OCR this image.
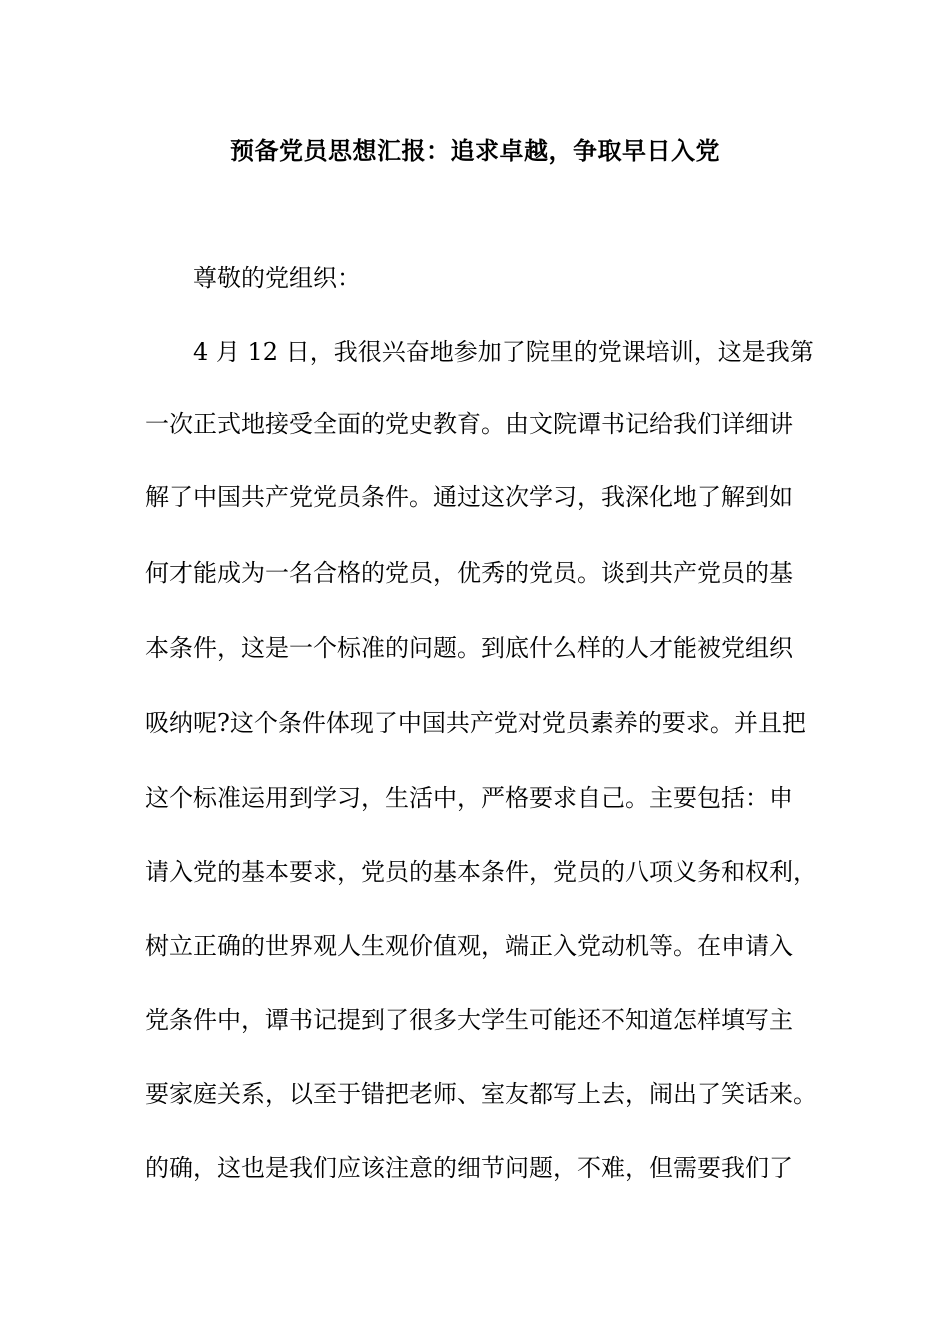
预备党员思想汇报：追求卓越，争取早日入党
尊敬的党组织：
4 月 12 日，我很兴奋地参加了院里的党课培训，这是我第
一次正式地接受全面的党史教育。由文院谭书记给我们详细讲
解了中国共产党党员条件。通过这次学习，我深化地了解到如
何才能成为一名合格的党员，优秀的党员。谈到共产党员的基
本条件，这是一个标准的问题。到底什么样的人才能被党组织
吸纳呢?这个条件体现了中国共产党对党员素养的要求。并且把
这个标准运用到学习，生活中，严格要求自己。主要包括：申
请入党的基本要求，党员的基本条件，党员的八项义务和权利，
树立正确的世界观人生观价值观，端正入党动机等。在申请入
党条件中，谭书记提到了很多大学生可能还不知道怎样填写主
要家庭关系，以至于错把老师、室友都写上去，闹出了笑话来。
的确，这也是我们应该注意的细节问题，不难，但需要我们了
